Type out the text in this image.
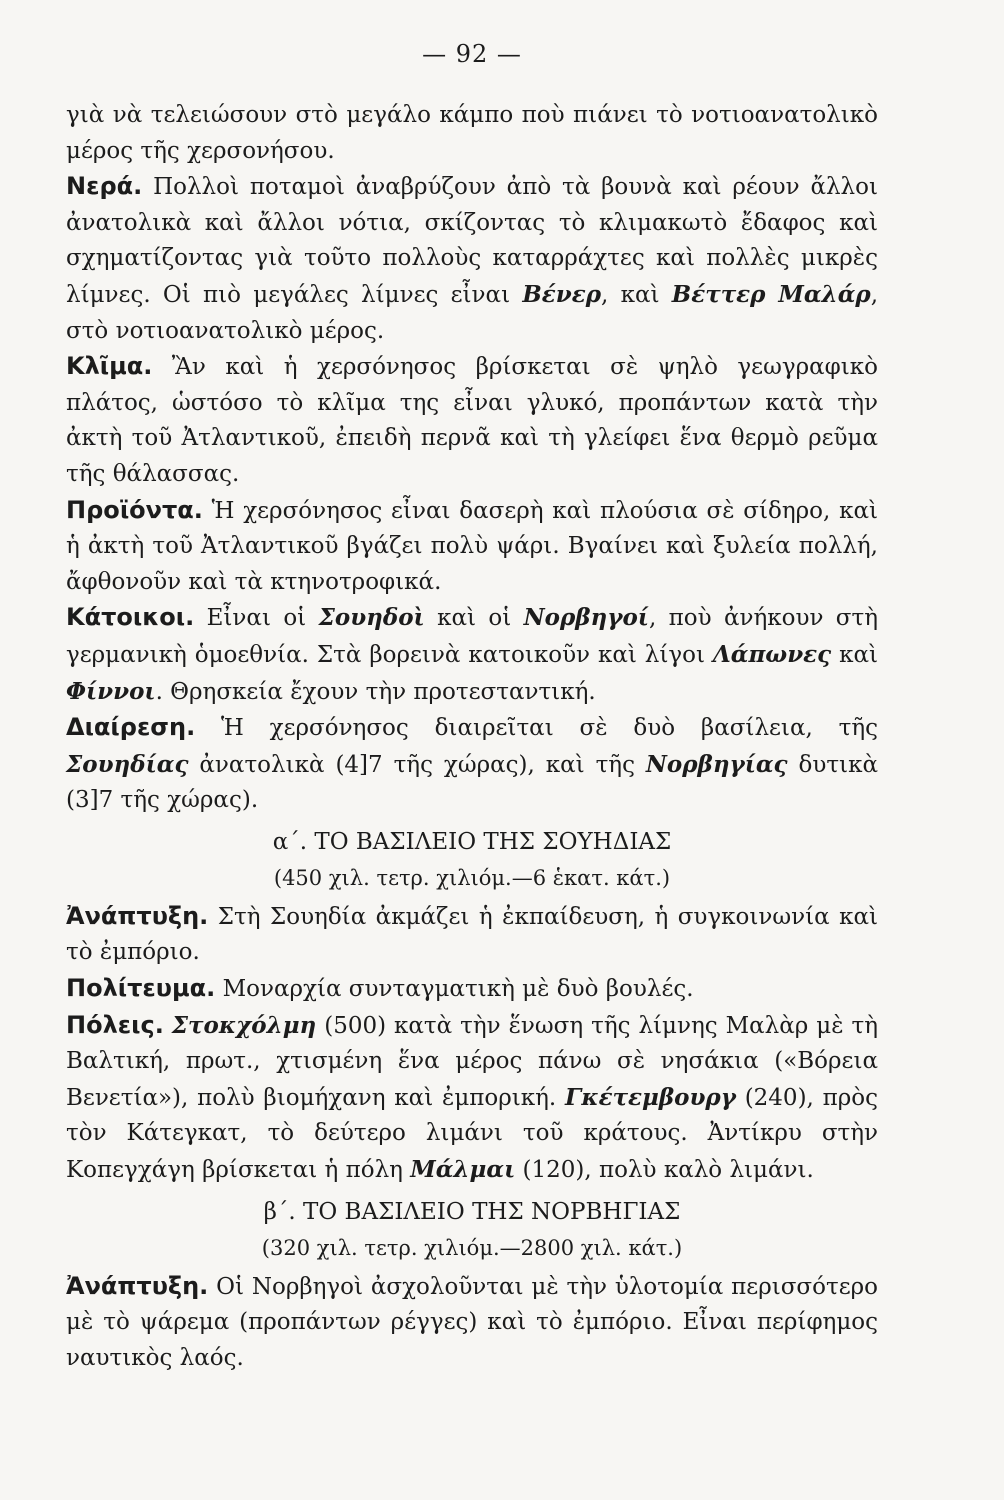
— 92 —

γιὰ νὰ τελειώσουν στὸ μεγάλο κάμπο ποὺ πιάνει τὸ νοτιοανατολικὸ μέρος τῆς χερσονήσου.

Νερά. Πολλοὶ ποταμοὶ ἀναβρύζουν ἀπὸ τὰ βουνὰ καὶ ρέουν ἄλλοι ἀνατολικὰ καὶ ἄλλοι νότια, σκίζοντας τὸ κλιμακωτὸ ἔδαφος καὶ σχηματίζοντας γιὰ τοῦτο πολλοὺς καταρράχτες καὶ πολλὲς μικρὲς λίμνες. Οἱ πιὸ μεγάλες λίμνες εἶναι Βένερ, καὶ Βέττερ Μαλάρ, στὸ νοτιοανατολικὸ μέρος.

Κλῖμα. Ἂν καὶ ἡ χερσόνησος βρίσκεται σὲ ψηλὸ γεωγραφικὸ πλάτος, ὡστόσο τὸ κλῖμα της εἶναι γλυκό, προπάντων κατὰ τὴν ἀκτὴ τοῦ Ἀτλαντικοῦ, ἐπειδὴ περνᾶ καὶ τὴ γλείφει ἕνα θερμὸ ρεῦμα τῆς θάλασσας.

Προϊόντα. Ἡ χερσόνησος εἶναι δασερὴ καὶ πλούσια σὲ σίδηρο, καὶ ἡ ἀκτὴ τοῦ Ἀτλαντικοῦ βγάζει πολὺ ψάρι. Βγαίνει καὶ ξυλεία πολλή, ἄφθονοῦν καὶ τὰ κτηνοτροφικά.

Κάτοικοι. Εἶναι οἱ Σουηδοὶ καὶ οἱ Νορβηγοί, ποὺ ἀνήκουν στὴ γερμανικὴ ὁμοεθνία. Στὰ βορεινὰ κατοικοῦν καὶ λίγοι Λάπωνες καὶ Φίννοι. Θρησκεία ἔχουν τὴν προτεσταντική.

Διαίρεση. Ἡ χερσόνησος διαιρεῖται σὲ δυὸ βασίλεια, τῆς Σουηδίας ἀνατολικὰ (4]7 τῆς χώρας), καὶ τῆς Νορβηγίας δυτικὰ (3]7 τῆς χώρας).

α΄. ΤΟ ΒΑΣΙΛΕΙΟ ΤΗΣ ΣΟΥΗΔΙΑΣ
(450 χιλ. τετρ. χιλιόμ.—6 ἑκατ. κάτ.)

Ἀνάπτυξη. Στὴ Σουηδία ἀκμάζει ἡ ἐκπαίδευση, ἡ συγκοινωνία καὶ τὸ ἐμπόριο.

Πολίτευμα. Μοναρχία συνταγματικὴ μὲ δυὸ βουλές.

Πόλεις. Στοκχόλμη (500) κατὰ τὴν ἕνωση τῆς λίμνης Μαλὰρ μὲ τὴ Βαλτική, πρωτ., χτισμένη ἕνα μέρος πάνω σὲ νησάκια («Βόρεια Βενετία»), πολὺ βιομήχανη καὶ ἐμπορική. Γκέτεμβουργ (240), πρὸς τὸν Κάτεγκατ, τὸ δεύτερο λιμάνι τοῦ κράτους. Ἀντίκρυ στὴν Κοπεγχάγη βρίσκεται ἡ πόλη Μάλμαι (120), πολὺ καλὸ λιμάνι.

β΄. ΤΟ ΒΑΣΙΛΕΙΟ ΤΗΣ ΝΟΡΒΗΓΙΑΣ
(320 χιλ. τετρ. χιλιόμ.—2800 χιλ. κάτ.)

Ἀνάπτυξη. Οἱ Νορβηγοὶ ἀσχολοῦνται μὲ τὴν ὑλοτομία περισσότερο μὲ τὸ ψάρεμα (προπάντων ρέγγες) καὶ τὸ ἐμπόριο. Εἶναι περίφημος ναυτικὸς λαός.
